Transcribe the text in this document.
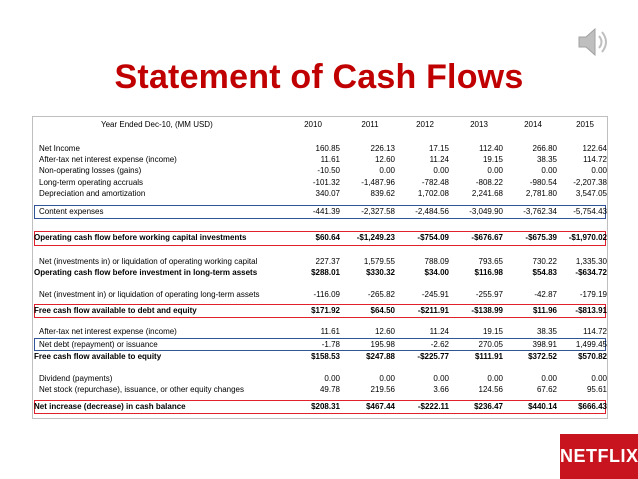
Statement of Cash Flows
Year Ended Dec-10, (MM USD)	2010	2011	2012	2013	2014	2015
Net Income	160.85	226.13	17.15	112.40	266.80	122.64
After-tax net interest expense (income)	11.61	12.60	11.24	19.15	38.35	114.72
Non-operating losses (gains)	-10.50	0.00	0.00	0.00	0.00	0.00
Long-term operating accruals	-101.32	-1,487.96	-782.48	-808.22	-980.54	-2,207.38
Depreciation and amortization	340.07	839.62	1,702.08	2,241.68	2,781.80	3,547.05
Content expenses	-441.39	-2,327.58	-2,484.56	-3,049.90	-3,762.34	-5,754.43
Operating cash flow before working capital investments	$60.64	-$1,249.23	-$754.09	-$676.67	-$675.39	-$1,970.02
Net (investments in) or liquidation of operating working capital	227.37	1,579.55	788.09	793.65	730.22	1,335.30
Operating cash flow before investment in long-term assets	$288.01	$330.32	$34.00	$116.98	$54.83	-$634.72
Net (investment in) or liquidation of operating long-term assets	-116.09	-265.82	-245.91	-255.97	-42.87	-179.19
Free cash flow available to debt and equity	$171.92	$64.50	-$211.91	-$138.99	$11.96	-$813.91
After-tax net interest expense (income)	11.61	12.60	11.24	19.15	38.35	114.72
Net debt (repayment) or issuance	-1.78	195.98	-2.62	270.05	398.91	1,499.45
Free cash flow available to equity	$158.53	$247.88	-$225.77	$111.91	$372.52	$570.82
Dividend (payments)	0.00	0.00	0.00	0.00	0.00	0.00
Net stock (repurchase), issuance, or other equity changes	49.78	219.56	3.66	124.56	67.62	95.61
Net increase (decrease) in cash balance	$208.31	$467.44	-$222.11	$236.47	$440.14	$666.43
NETFLIX
